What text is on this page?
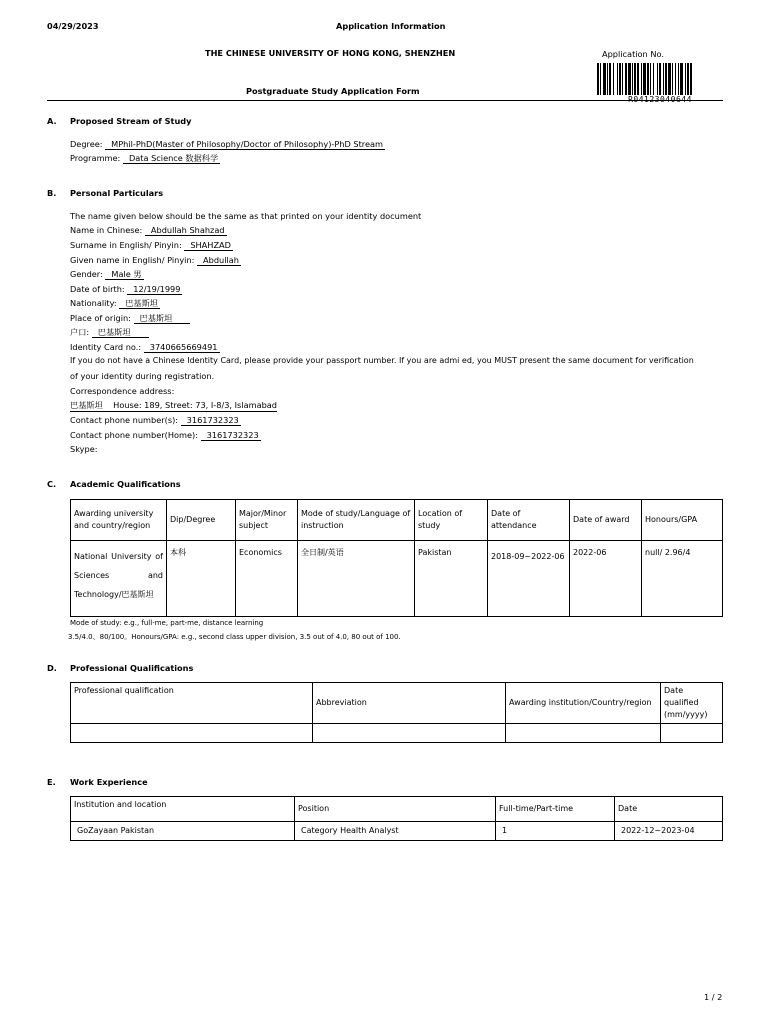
04/29/2023	Application Information
THE CHINESE UNIVERSITY OF HONG KONG, SHENZHEN	Application No.
R04123040644
Postgraduate Study Application Form
A. Proposed Stream of Study
Degree: MPhil-PhD(Master of Philosophy/Doctor of Philosophy)-PhD Stream
Programme: Data Science 数据科学
B. Personal Particulars
The name given below should be the same as that printed on your identity document
Name in Chinese: Abdullah Shahzad
Surname in English/ Pinyin: SHAHZAD
Given name in English/ Pinyin: Abdullah
Gender: Male 男
Date of birth: 12/19/1999
Nationality: 巴基斯坦
Place of origin: 巴基斯坦
户口: 巴基斯坦
Identity Card no.: 3740665669491
If you do not have a Chinese Identity Card, please provide your passport number. If you are admi ed, you MUST present the same document for verification
of your identity during registration.
Correspondence address:
巴基斯坦    House: 189, Street: 73, I-8/3, Islamabad
Contact phone number(s): 3161732323
Contact phone number(Home): 3161732323
Skype:
C. Academic Qualifications
Awarding university and country/region	Dip/Degree	Major/Minor subject	Mode of study/Language of instruction	Location of study	Date of attendance	Date of award	Honours/GPA
National University of Sciences and Technology/巴基斯坦	本科	Economics	全日制/英语	Pakistan	2018-09~2022-06	2022-06	null/ 2.96/4
Mode of study: e.g., full-me, part-me, distance learning
3.5/4.0、80/100。Honours/GPA: e.g., second class upper division, 3.5 out of 4.0, 80 out of 100.
D. Professional Qualifications
Professional qualification	Abbreviation	Awarding institution/Country/region	Date qualified (mm/yyyy)

E. Work Experience
Institution and location	Position	Full-time/Part-time	Date
GoZayaan Pakistan	Category Health Analyst	1	2022-12~2023-04
1 / 2
